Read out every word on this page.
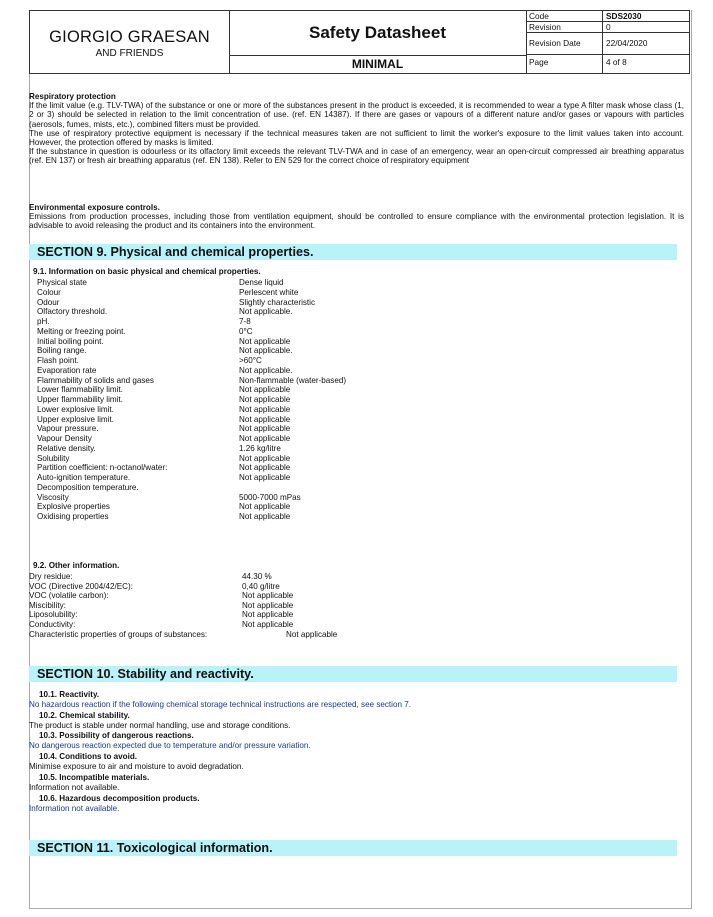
GIORGIO GRAESAN
AND FRIENDS
Safety Datasheet
MINIMAL
Code	SDS2030
Revision	0
Revision Date	22/04/2020
Page	4 of 8
Respiratory protection
If the limit value (e.g. TLV-TWA) of the substance or one or more of the substances present in the product is exceeded, it is recommended to wear a type A filter mask whose class (1, 2 or 3) should be selected in relation to the limit concentration of use. (ref. EN 14387). If there are gases or vapours of a different nature and/or gases or vapours with particles (aerosols, fumes, mists, etc.), combined filters must be provided.
The use of respiratory protective equipment is necessary if the technical measures taken are not sufficient to limit the worker's exposure to the limit values taken into account. However, the protection offered by masks is limited.
If the substance in question is odourless or its olfactory limit exceeds the relevant TLV-TWA and in case of an emergency, wear an open-circuit compressed air breathing apparatus (ref. EN 137) or fresh air breathing apparatus (ref. EN 138). Refer to EN 529 for the correct choice of respiratory equipment
Environmental exposure controls.
Emissions from production processes, including those from ventilation equipment, should be controlled to ensure compliance with the environmental protection legislation. It is advisable to avoid releasing the product and its containers into the environment.
SECTION 9. Physical and chemical properties.
9.1. Information on basic physical and chemical properties.
Physical state	Dense liquid
Colour	Perlescent white
Odour	Slightly characteristic
Olfactory threshold.	Not applicable.
pH.	7-8
Melting or freezing point.	0°C
Initial boiling point.	Not applicable
Boiling range.	Not applicable.
Flash point.	>60°C
Evaporation rate	Not applicable.
Flammability of solids and gases	Non-flammable (water-based)
Lower flammability limit.	Not applicable
Upper flammability limit.	Not applicable
Lower explosive limit.	Not applicable
Upper explosive limit.	Not applicable
Vapour pressure.	Not applicable
Vapour Density	Not applicable
Relative density.	1.26 kg/litre
Solubility	Not applicable
Partition coefficient: n-octanol/water:	Not applicable
Auto-ignition temperature.	Not applicable
Decomposition temperature.
Viscosity	5000-7000 mPas
Explosive properties	Not applicable
Oxidising properties	Not applicable
9.2. Other information.
Dry residue:	44.30 %
VOC (Directive 2004/42/EC):	0,40 g/litre
VOC (volatile carbon):	Not applicable
Miscibility:	Not applicable
Liposolubility:	Not applicable
Conductivity:	Not applicable
Characteristic properties of groups of substances:	Not applicable
SECTION 10. Stability and reactivity.
10.1. Reactivity.
No hazardous reaction if the following chemical storage technical instructions are respected, see section 7.
10.2. Chemical stability.
The product is stable under normal handling, use and storage conditions.
10.3. Possibility of dangerous reactions.
No dangerous reaction expected due to temperature and/or pressure variation.
10.4. Conditions to avoid.
Minimise exposure to air and moisture to avoid degradation.
10.5. Incompatible materials.
Information not available.
10.6. Hazardous decomposition products.
Information not available.
SECTION 11. Toxicological information.
